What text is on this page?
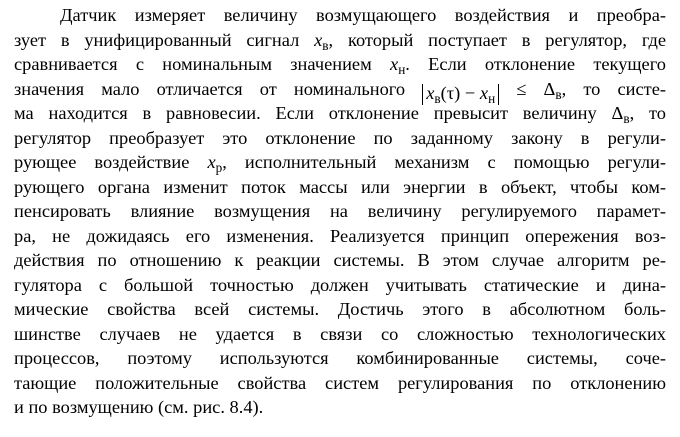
Датчик измеряет величину возмущающего воздействия и преобра-
зует в унифицированный сигнал $x_в$, который поступает в регулятор, где
сравнивается с номинальным значением $x_н$. Если отклонение текущего
значения мало отличается от номинального $x_в(\tau) - x_н \le \Delta_в$, то систе-
ма находится в равновесии. Если отклонение превысит величину $\Delta_в$, то
регулятор преобразует это отклонение по заданному закону в регули-
рующее воздействие $x_р$, исполнительный механизм с помощью регули-
рующего органа изменит поток массы или энергии в объект, чтобы ком-
пенсировать влияние возмущения на величину регулируемого парамет-
ра, не дожидаясь его изменения. Реализуется принцип опережения воз-
действия по отношению к реакции системы. В этом случае алгоритм ре-
гулятора с большой точностью должен учитывать статические и дина-
мические свойства всей системы. Достичь этого в абсолютном боль-
шинстве случаев не удается в связи со сложностью технологических
процессов, поэтому используются комбинированные системы, соче-
тающие положительные свойства систем регулирования по отклонению
и по возмущению (см. рис. 8.4).
